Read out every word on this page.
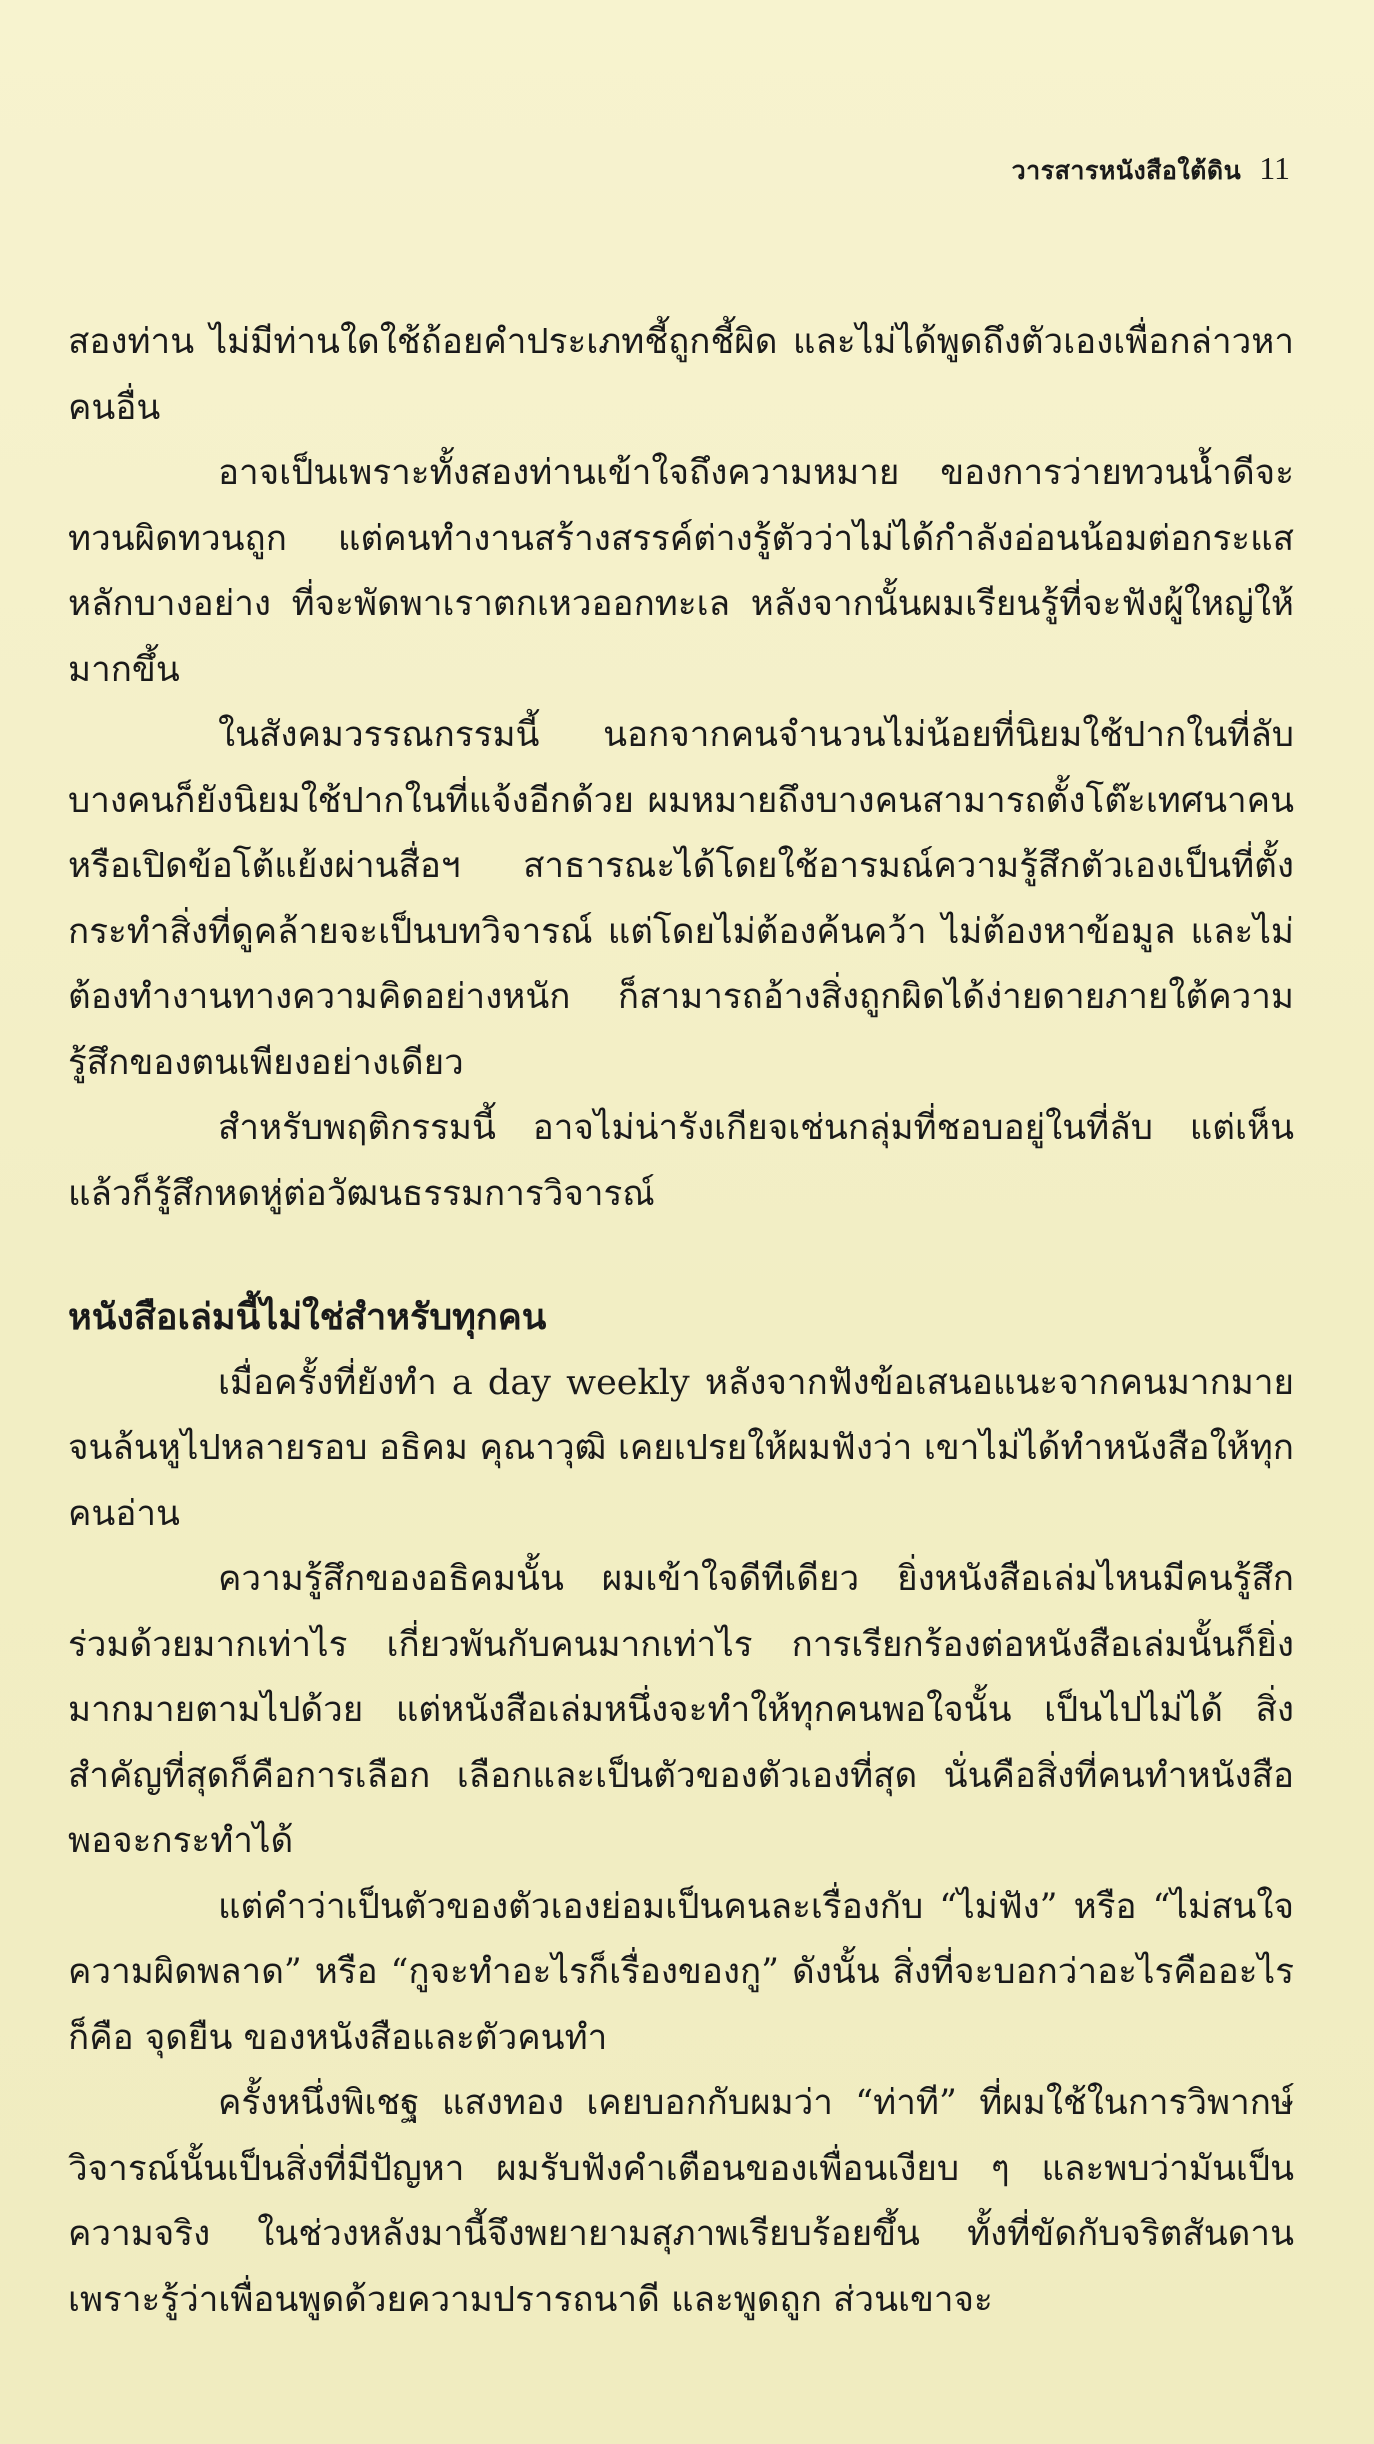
วารสารหนังสือใต้ดิน 11

สองท่าน ไม่มีท่านใดใช้ถ้อยคำประเภทชี้ถูกชี้ผิด และไม่ได้พูดถึงตัวเองเพื่อกล่าวหาคนอื่น

อาจเป็นเพราะทั้งสองท่านเข้าใจถึงความหมาย ของการว่ายทวนน้ำดีจะทวนผิดทวนถูก แต่คนทำงานสร้างสรรค์ต่างรู้ตัวว่าไม่ได้กำลังอ่อนน้อมต่อกระแสหลักบางอย่าง ที่จะพัดพาเราตกเหวออกทะเล หลังจากนั้นผมเรียนรู้ที่จะฟังผู้ใหญ่ให้มากขึ้น

ในสังคมวรรณกรรมนี้ นอกจากคนจำนวนไม่น้อยที่นิยมใช้ปากในที่ลับ บางคนก็ยังนิยมใช้ปากในที่แจ้งอีกด้วย ผมหมายถึงบางคนสามารถตั้งโต๊ะเทศนาคน หรือเปิดข้อโต้แย้งผ่านสื่อฯ สาธารณะได้โดยใช้อารมณ์ความรู้สึกตัวเองเป็นที่ตั้ง กระทำสิ่งที่ดูคล้ายจะเป็นบทวิจารณ์ แต่โดยไม่ต้องค้นคว้า ไม่ต้องหาข้อมูล และไม่ต้องทำงานทางความคิดอย่างหนัก ก็สามารถอ้างสิ่งถูกผิดได้ง่ายดายภายใต้ความรู้สึกของตนเพียงอย่างเดียว

สำหรับพฤติกรรมนี้ อาจไม่น่ารังเกียจเช่นกลุ่มที่ชอบอยู่ในที่ลับ แต่เห็นแล้วก็รู้สึกหดหู่ต่อวัฒนธรรมการวิจารณ์

หนังสือเล่มนี้ไม่ใช่สำหรับทุกคน

เมื่อครั้งที่ยังทำ a day weekly หลังจากฟังข้อเสนอแนะจากคนมากมายจนล้นหูไปหลายรอบ อธิคม คุณาวุฒิ เคยเปรยให้ผมฟังว่า เขาไม่ได้ทำหนังสือให้ทุกคนอ่าน

ความรู้สึกของอธิคมนั้น ผมเข้าใจดีทีเดียว ยิ่งหนังสือเล่มไหนมีคนรู้สึกร่วมด้วยมากเท่าไร เกี่ยวพันกับคนมากเท่าไร การเรียกร้องต่อหนังสือเล่มนั้นก็ยิ่งมากมายตามไปด้วย แต่หนังสือเล่มหนึ่งจะทำให้ทุกคนพอใจนั้น เป็นไปไม่ได้ สิ่งสำคัญที่สุดก็คือการเลือก เลือกและเป็นตัวของตัวเองที่สุด นั่นคือสิ่งที่คนทำหนังสือพอจะกระทำได้

แต่คำว่าเป็นตัวของตัวเองย่อมเป็นคนละเรื่องกับ “ไม่ฟัง” หรือ “ไม่สนใจความผิดพลาด” หรือ “กูจะทำอะไรก็เรื่องของกู” ดังนั้น สิ่งที่จะบอกว่าอะไรคืออะไรก็คือ จุดยืน ของหนังสือและตัวคนทำ

ครั้งหนึ่งพิเชฐ แสงทอง เคยบอกกับผมว่า “ท่าที” ที่ผมใช้ในการวิพากษ์วิจารณ์นั้นเป็นสิ่งที่มีปัญหา ผมรับฟังคำเตือนของเพื่อนเงียบ ๆ และพบว่ามันเป็นความจริง ในช่วงหลังมานี้จึงพยายามสุภาพเรียบร้อยขึ้น ทั้งที่ขัดกับจริตสันดาน เพราะรู้ว่าเพื่อนพูดด้วยความปรารถนาดี และพูดถูก ส่วนเขาจะ
